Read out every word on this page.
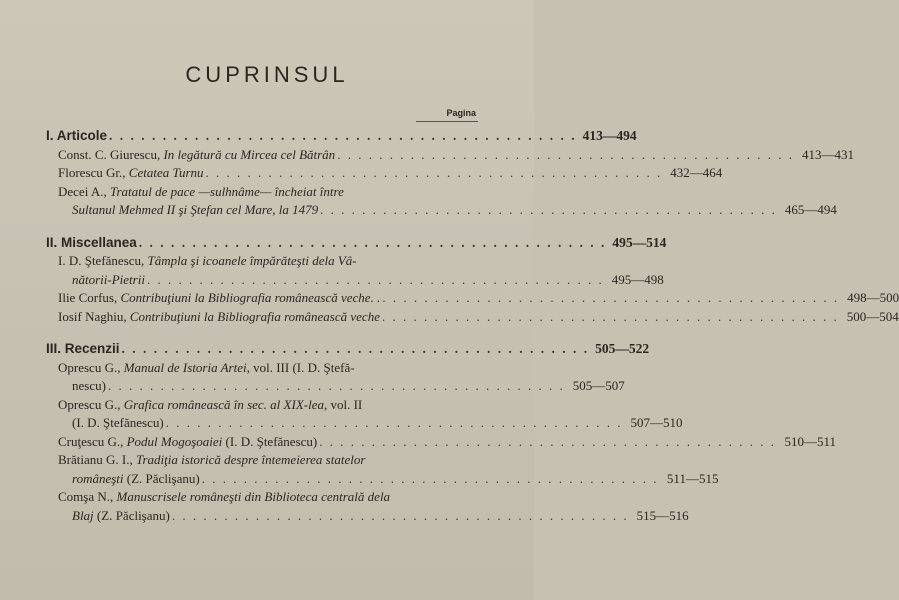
CUPRINSUL
Pagina
I. Articole . . . . . . . . . . . . . . . . . . . . . . . . . . . . . . . . . . . . . . . . . . . . 413—494
Const. C. Giurescu, In legătură cu Mircea cel Bătrân . . . . . . . . . . . . . . . . . . . . . . . . . . . . . . . . . . . . . . . . . . . . 413—431
Florescu Gr., Cetatea Turnu . . . . . . . . . . . . . . . . . . . . . . . . . . . . . . . . . . . . . . . . . . . . 432—464
Decei A., Tratatul de pace —sulhnâme— încheiat între
Sultanul Mehmed II şi Ştefan cel Mare, la 1479 . . . . . . . . . . . . . . . . . . . . . . . . . . . . . . . . . . . . . . . . . . . . 465—494
II. Miscellanea . . . . . . . . . . . . . . . . . . . . . . . . . . . . . . . . . . . . . . . . . . . . 495—514
I. D. Ştefănescu, Tâmpla şi icoanele împărăteşti dela Vâ-
nătorii-Pietrii . . . . . . . . . . . . . . . . . . . . . . . . . . . . . . . . . . . . . . . . . . . . 495—498
Ilie Corfus, Contribuţiuni la Bibliografia românească veche. . . . . . . . . . . . . . . . . . . . . . . . . . . . . . . . . . . . . . . . . . . . . . 498—500
Iosif Naghiu, Contribuţiuni la Bibliografia românească veche . . . . . . . . . . . . . . . . . . . . . . . . . . . . . . . . . . . . . . . . . . . . 500—504
III. Recenzii . . . . . . . . . . . . . . . . . . . . . . . . . . . . . . . . . . . . . . . . . . . . 505—522
Oprescu G., Manual de Istoria Artei, vol. III (I. D. Ştefă-
nescu) . . . . . . . . . . . . . . . . . . . . . . . . . . . . . . . . . . . . . . . . . . . . 505—507
Oprescu G., Grafica românească în sec. al XIX-lea, vol. II
(I. D. Ştefănescu) . . . . . . . . . . . . . . . . . . . . . . . . . . . . . . . . . . . . . . . . . . . . 507—510
Cruţescu G., Podul Mogoşoaiei (I. D. Ştefănescu) . . . . . . . . . . . . . . . . . . . . . . . . . . . . . . . . . . . . . . . . . . . . 510—511
Brătianu G. I., Tradiţia istorică despre întemeierea statelor
româneşti (Z. Păclişanu) . . . . . . . . . . . . . . . . . . . . . . . . . . . . . . . . . . . . . . . . . . . . 511—515
Comşa N., Manuscrisele româneşti din Biblioteca centrală dela
Blaj (Z. Păclişanu) . . . . . . . . . . . . . . . . . . . . . . . . . . . . . . . . . . . . . . . . . . . . 515—516
